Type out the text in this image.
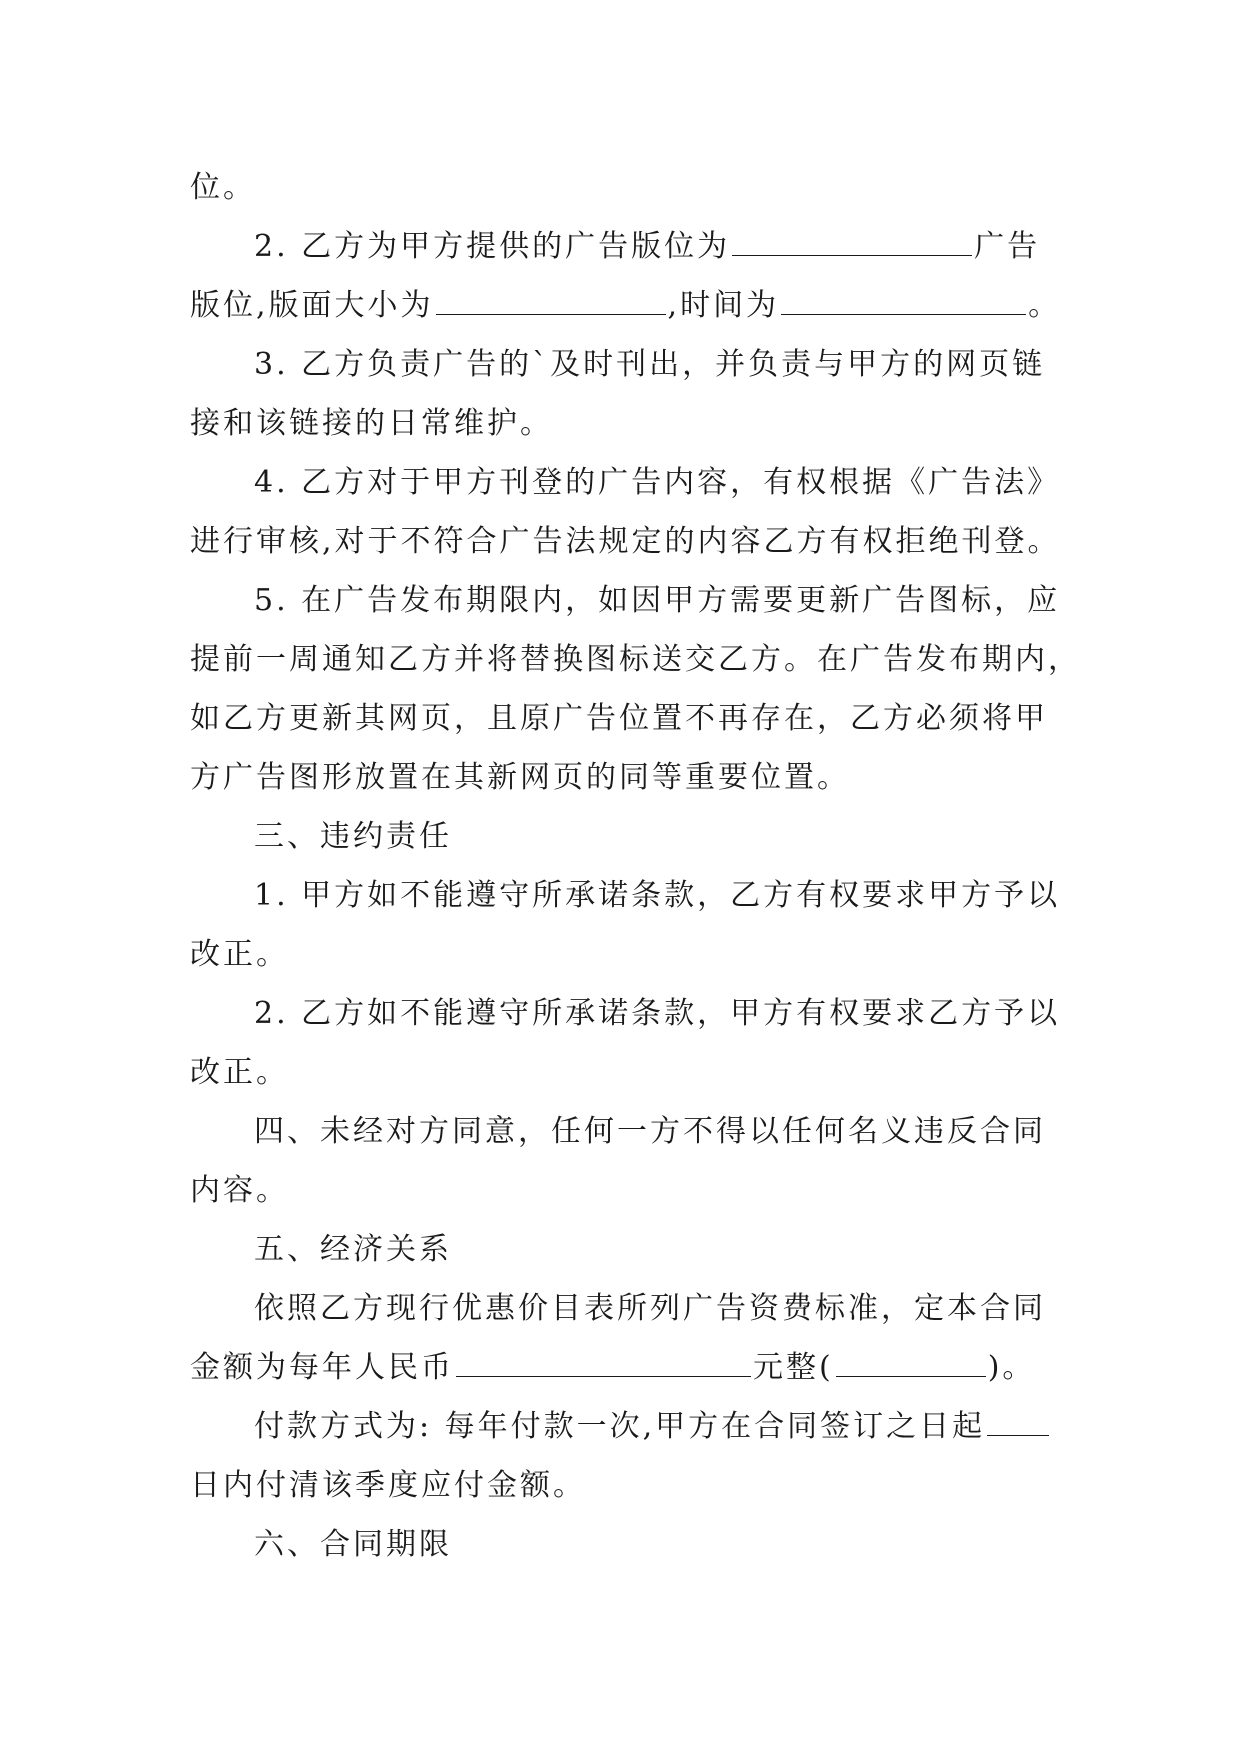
位。
2. 乙方为甲方提供的广告版位为	广告
版位,版面大小为	,时间为	。
3. 乙方负责广告的`及时刊出，并负责与甲方的网页链
接和该链接的日常维护。
4. 乙方对于甲方刊登的广告内容，有权根据《广告法》
进行审核,对于不符合广告法规定的内容乙方有权拒绝刊登。
5. 在广告发布期限内，如因甲方需要更新广告图标，应
提前一周通知乙方并将替换图标送交乙方。在广告发布期内，
如乙方更新其网页，且原广告位置不再存在，乙方必须将甲
方广告图形放置在其新网页的同等重要位置。
三、违约责任
1. 甲方如不能遵守所承诺条款，乙方有权要求甲方予以
改正。
2. 乙方如不能遵守所承诺条款，甲方有权要求乙方予以
改正。
四、未经对方同意，任何一方不得以任何名义违反合同
内容。
五、经济关系
依照乙方现行优惠价目表所列广告资费标准，定本合同
金额为每年人民币	元整(	)。
付款方式为: 每年付款一次,甲方在合同签订之日起
日内付清该季度应付金额。
六、合同期限
